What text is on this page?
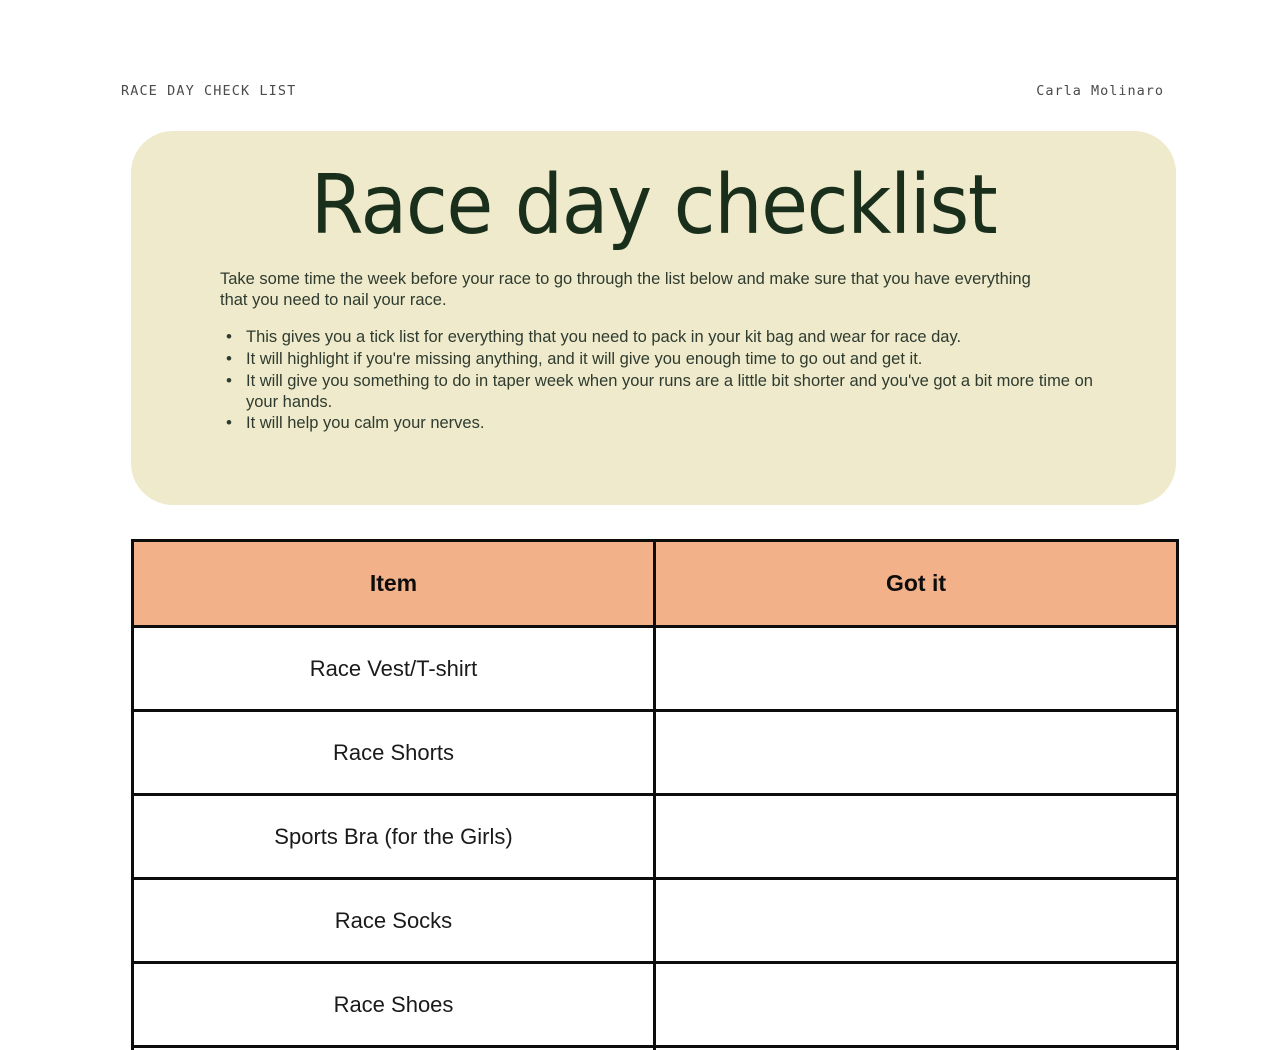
RACE DAY CHECK LIST	Carla Molinaro
Race day checklist

Take some time the week before your race to go through the list below and make sure that you have everything that you need to nail your race.

• This gives you a tick list for everything that you need to pack in your kit bag and wear for race day.
• It will highlight if you're missing anything, and it will give you enough time to go out and get it.
• It will give you something to do in taper week when your runs are a little bit shorter and you've got a bit more time on your hands.
• It will help you calm your nerves.
Item	Got it
Race Vest/T-shirt	
Race Shorts	
Sports Bra (for the Girls)	
Race Socks	
Race Shoes	
